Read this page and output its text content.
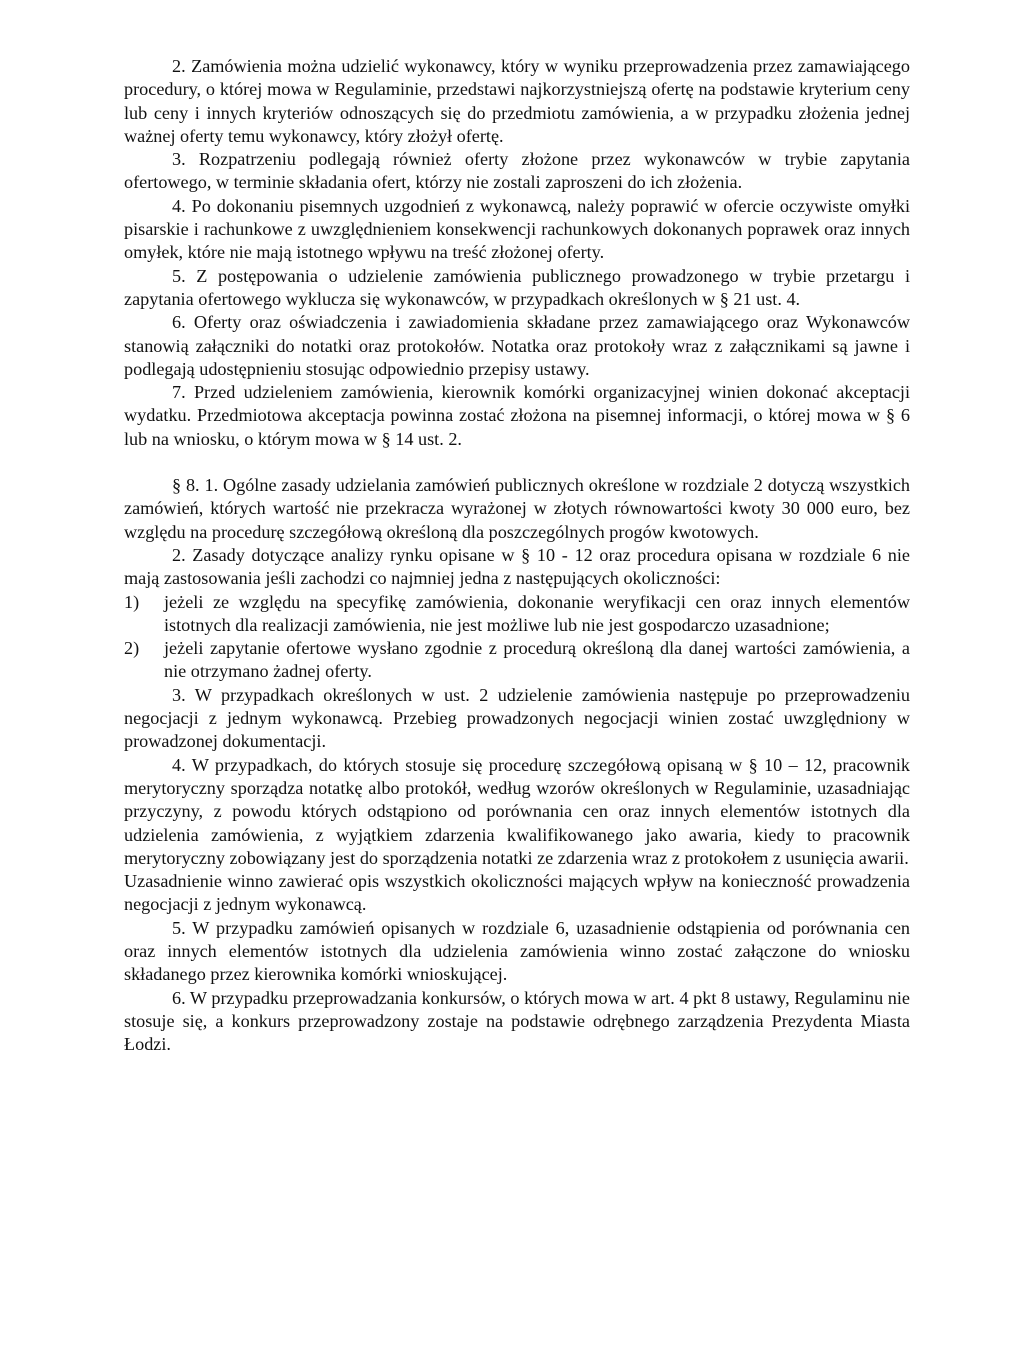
2. Zamówienia można udzielić wykonawcy, który w wyniku przeprowadzenia przez zamawiającego procedury, o której mowa w Regulaminie, przedstawi najkorzystniejszą ofertę na podstawie kryterium ceny lub ceny i innych kryteriów odnoszących się do przedmiotu zamówienia, a w przypadku złożenia jednej ważnej oferty temu wykonawcy, który złożył ofertę.

3. Rozpatrzeniu podlegają również oferty złożone przez wykonawców w trybie zapytania ofertowego, w terminie składania ofert, którzy nie zostali zaproszeni do ich złożenia.

4. Po dokonaniu pisemnych uzgodnień z wykonawcą, należy poprawić w ofercie oczywiste omyłki pisarskie i rachunkowe z uwzględnieniem konsekwencji rachunkowych dokonanych poprawek oraz innych omyłek, które nie mają istotnego wpływu na treść złożonej oferty.

5. Z postępowania o udzielenie zamówienia publicznego prowadzonego w trybie przetargu i zapytania ofertowego wyklucza się wykonawców, w przypadkach określonych w § 21 ust. 4.

6. Oferty oraz oświadczenia i zawiadomienia składane przez zamawiającego oraz Wykonawców stanowią załączniki do notatki oraz protokołów. Notatka oraz protokoły wraz z załącznikami są jawne i podlegają udostępnieniu stosując odpowiednio przepisy ustawy.

7. Przed udzieleniem zamówienia, kierownik komórki organizacyjnej winien dokonać akceptacji wydatku. Przedmiotowa akceptacja powinna zostać złożona na pisemnej informacji, o której mowa w § 6 lub na wniosku, o którym mowa w § 14 ust. 2.

§ 8. 1. Ogólne zasady udzielania zamówień publicznych określone w rozdziale 2 dotyczą wszystkich zamówień, których wartość nie przekracza wyrażonej w złotych równowartości kwoty 30 000 euro, bez względu na procedurę szczegółową określoną dla poszczególnych progów kwotowych.

2. Zasady dotyczące analizy rynku opisane w § 10 - 12 oraz procedura opisana w rozdziale 6 nie mają zastosowania jeśli zachodzi co najmniej jedna z następujących okoliczności:

1)	jeżeli ze względu na specyfikę zamówienia, dokonanie weryfikacji cen oraz innych elementów istotnych dla realizacji zamówienia, nie jest możliwe lub nie jest gospodarczo uzasadnione;
2)	jeżeli zapytanie ofertowe wysłano zgodnie z procedurą określoną dla danej wartości zamówienia, a nie otrzymano żadnej oferty.

3. W przypadkach określonych w ust. 2 udzielenie zamówienia następuje po przeprowadzeniu negocjacji z jednym wykonawcą. Przebieg prowadzonych negocjacji winien zostać uwzględniony w prowadzonej dokumentacji.

4. W przypadkach, do których stosuje się procedurę szczegółową opisaną w § 10 – 12, pracownik merytoryczny sporządza notatkę albo protokół, według wzorów określonych w Regulaminie, uzasadniając przyczyny, z powodu których odstąpiono od porównania cen oraz innych elementów istotnych dla udzielenia zamówienia, z wyjątkiem zdarzenia kwalifikowanego jako awaria, kiedy to pracownik merytoryczny zobowiązany jest do sporządzenia notatki ze zdarzenia wraz z protokołem z usunięcia awarii.

Uzasadnienie winno zawierać opis wszystkich okoliczności mających wpływ na konieczność prowadzenia negocjacji z jednym wykonawcą.

5. W przypadku zamówień opisanych w rozdziale 6, uzasadnienie odstąpienia od porównania cen oraz innych elementów istotnych dla udzielenia zamówienia winno zostać załączone do wniosku składanego przez kierownika komórki wnioskującej.

6. W przypadku przeprowadzania konkursów, o których mowa w art. 4 pkt 8 ustawy, Regulaminu nie stosuje się, a konkurs przeprowadzony zostaje na podstawie odrębnego zarządzenia Prezydenta Miasta Łodzi.
